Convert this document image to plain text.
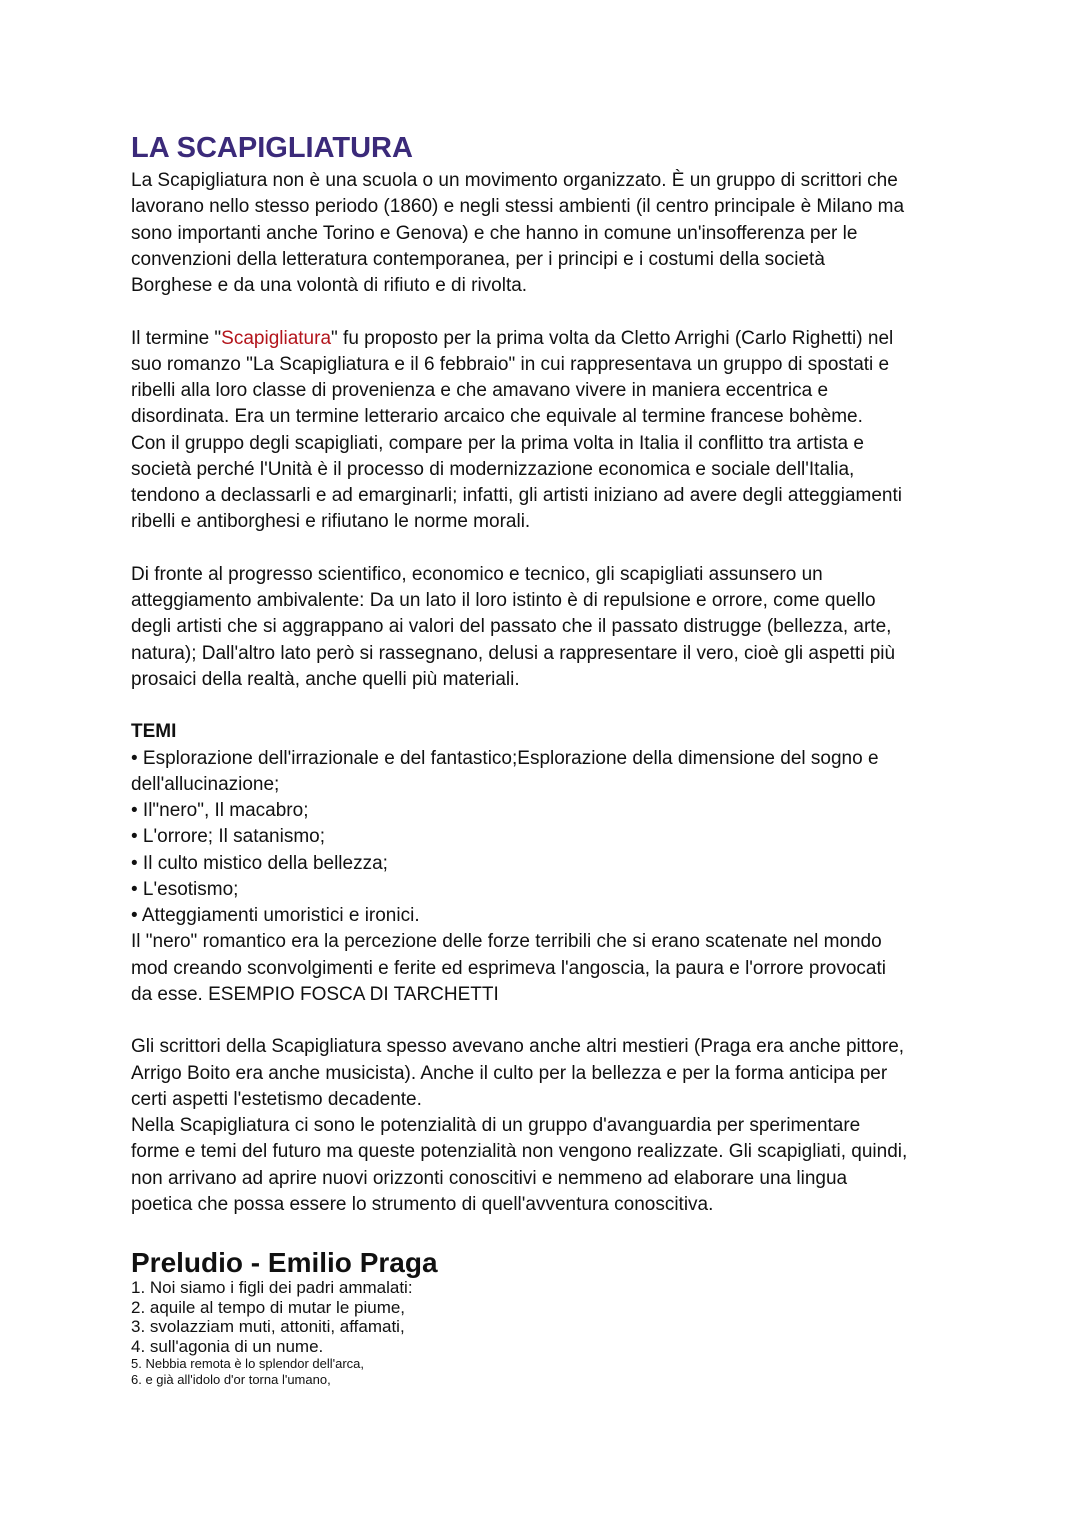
LA SCAPIGLIATURA
La Scapigliatura non è una scuola o un movimento organizzato. È un gruppo di scrittori che
lavorano nello stesso periodo (1860) e negli stessi ambienti (il centro principale è Milano ma
sono importanti anche Torino e Genova) e che hanno in comune un'insofferenza per le
convenzioni della letteratura contemporanea, per i principi e i costumi della società
Borghese e da una volontà di rifiuto e di rivolta.
Il termine "Scapigliatura" fu proposto per la prima volta da Cletto Arrighi (Carlo Righetti) nel
suo romanzo "La Scapigliatura e il 6 febbraio" in cui rappresentava un gruppo di spostati e
ribelli alla loro classe di provenienza e che amavano vivere in maniera eccentrica e
disordinata. Era un termine letterario arcaico che equivale al termine francese bohème.
Con il gruppo degli scapigliati, compare per la prima volta in Italia il conflitto tra artista e
società perché l'Unità è il processo di modernizzazione economica e sociale dell'Italia,
tendono a declassarli e ad emarginarli; infatti, gli artisti iniziano ad avere degli atteggiamenti
ribelli e antiborghesi e rifiutano le norme morali.
Di fronte al progresso scientifico, economico e tecnico, gli scapigliati assunsero un
atteggiamento ambivalente: Da un lato il loro istinto è di repulsione e orrore, come quello
degli artisti che si aggrappano ai valori del passato che il passato distrugge (bellezza, arte,
natura); Dall'altro lato però si rassegnano, delusi a rappresentare il vero, cioè gli aspetti più
prosaici della realtà, anche quelli più materiali.
TEMI
• Esplorazione dell'irrazionale e del fantastico;Esplorazione della dimensione del sogno e
dell'allucinazione;
• Il"nero", Il macabro;
• L'orrore; Il satanismo;
• Il culto mistico della bellezza;
• L'esotismo;
• Atteggiamenti umoristici e ironici.
Il "nero" romantico era la percezione delle forze terribili che si erano scatenate nel mondo
mod creando sconvolgimenti e ferite ed esprimeva l'angoscia, la paura e l'orrore provocati
da esse. ESEMPIO FOSCA DI TARCHETTI
Gli scrittori della Scapigliatura spesso avevano anche altri mestieri (Praga era anche pittore,
Arrigo Boito era anche musicista). Anche il culto per la bellezza e per la forma anticipa per
certi aspetti l'estetismo decadente.
Nella Scapigliatura ci sono le potenzialità di un gruppo d'avanguardia per sperimentare
forme e temi del futuro ma queste potenzialità non vengono realizzate. Gli scapigliati, quindi,
non arrivano ad aprire nuovi orizzonti conoscitivi e nemmeno ad elaborare una lingua
poetica che possa essere lo strumento di quell'avventura conoscitiva.
Preludio - Emilio Praga
1. Noi siamo i figli dei padri ammalati:
2. aquile al tempo di mutar le piume,
3. svolazziam muti, attoniti, affamati,
4. sull'agonia di un nume.
5. Nebbia remota è lo splendor dell'arca,
6. e già all'idolo d'or torna l'umano,
